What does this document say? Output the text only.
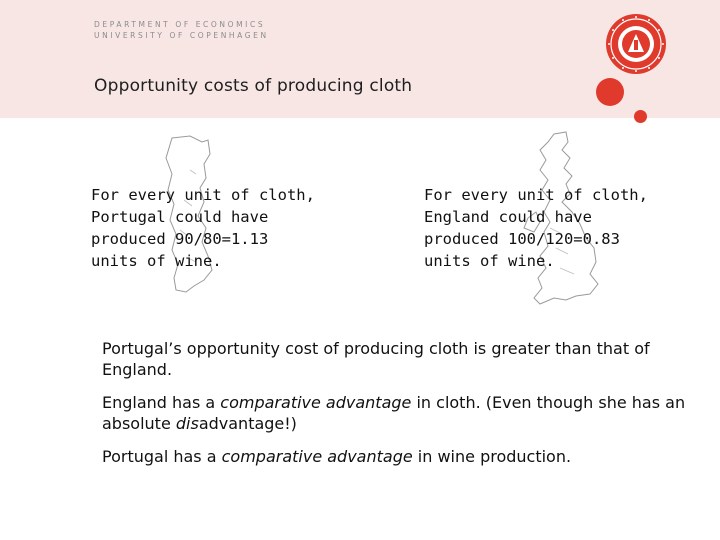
DEPARTMENT OF ECONOMICS
UNIVERSITY OF COPENHAGEN
Opportunity costs of producing cloth
For every unit of cloth,
Portugal could have
produced 90/80=1.13
units of wine.
For every unit of cloth,
England could have
produced 100/120=0.83
units of wine.

Portugal’s opportunity cost of producing cloth is greater than that of England.

England has a comparative advantage in cloth. (Even though she has an absolute disadvantage!)

Portugal has a comparative advantage in wine production.
